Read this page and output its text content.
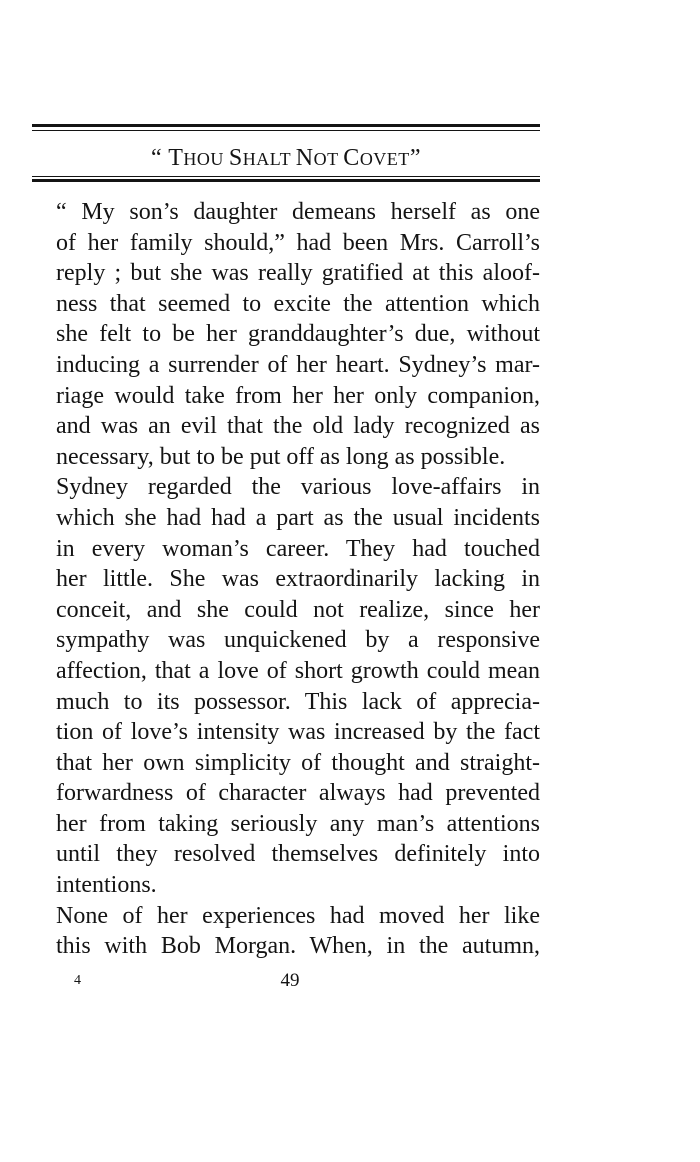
“ THOU SHALT NOT COVET”

“ My son’s daughter demeans herself as one
of her family should,” had been Mrs. Carroll’s
reply ; but she was really gratified at this aloof-
ness that seemed to excite the attention which
she felt to be her granddaughter’s due, without
inducing a surrender of her heart. Sydney’s mar-
riage would take from her her only companion,
and was an evil that the old lady recognized as
necessary, but to be put off as long as possible.

Sydney regarded the various love-affairs in
which she had had a part as the usual incidents
in every woman’s career. They had touched
her little. She was extraordinarily lacking in
conceit, and she could not realize, since her
sympathy was unquickened by a responsive
affection, that a love of short growth could mean
much to its possessor. This lack of apprecia-
tion of love’s intensity was increased by the fact
that her own simplicity of thought and straight-
forwardness of character always had prevented
her from taking seriously any man’s attentions
until they resolved themselves definitely into
intentions.

None of her experiences had moved her like
this with Bob Morgan. When, in the autumn,

4	49
